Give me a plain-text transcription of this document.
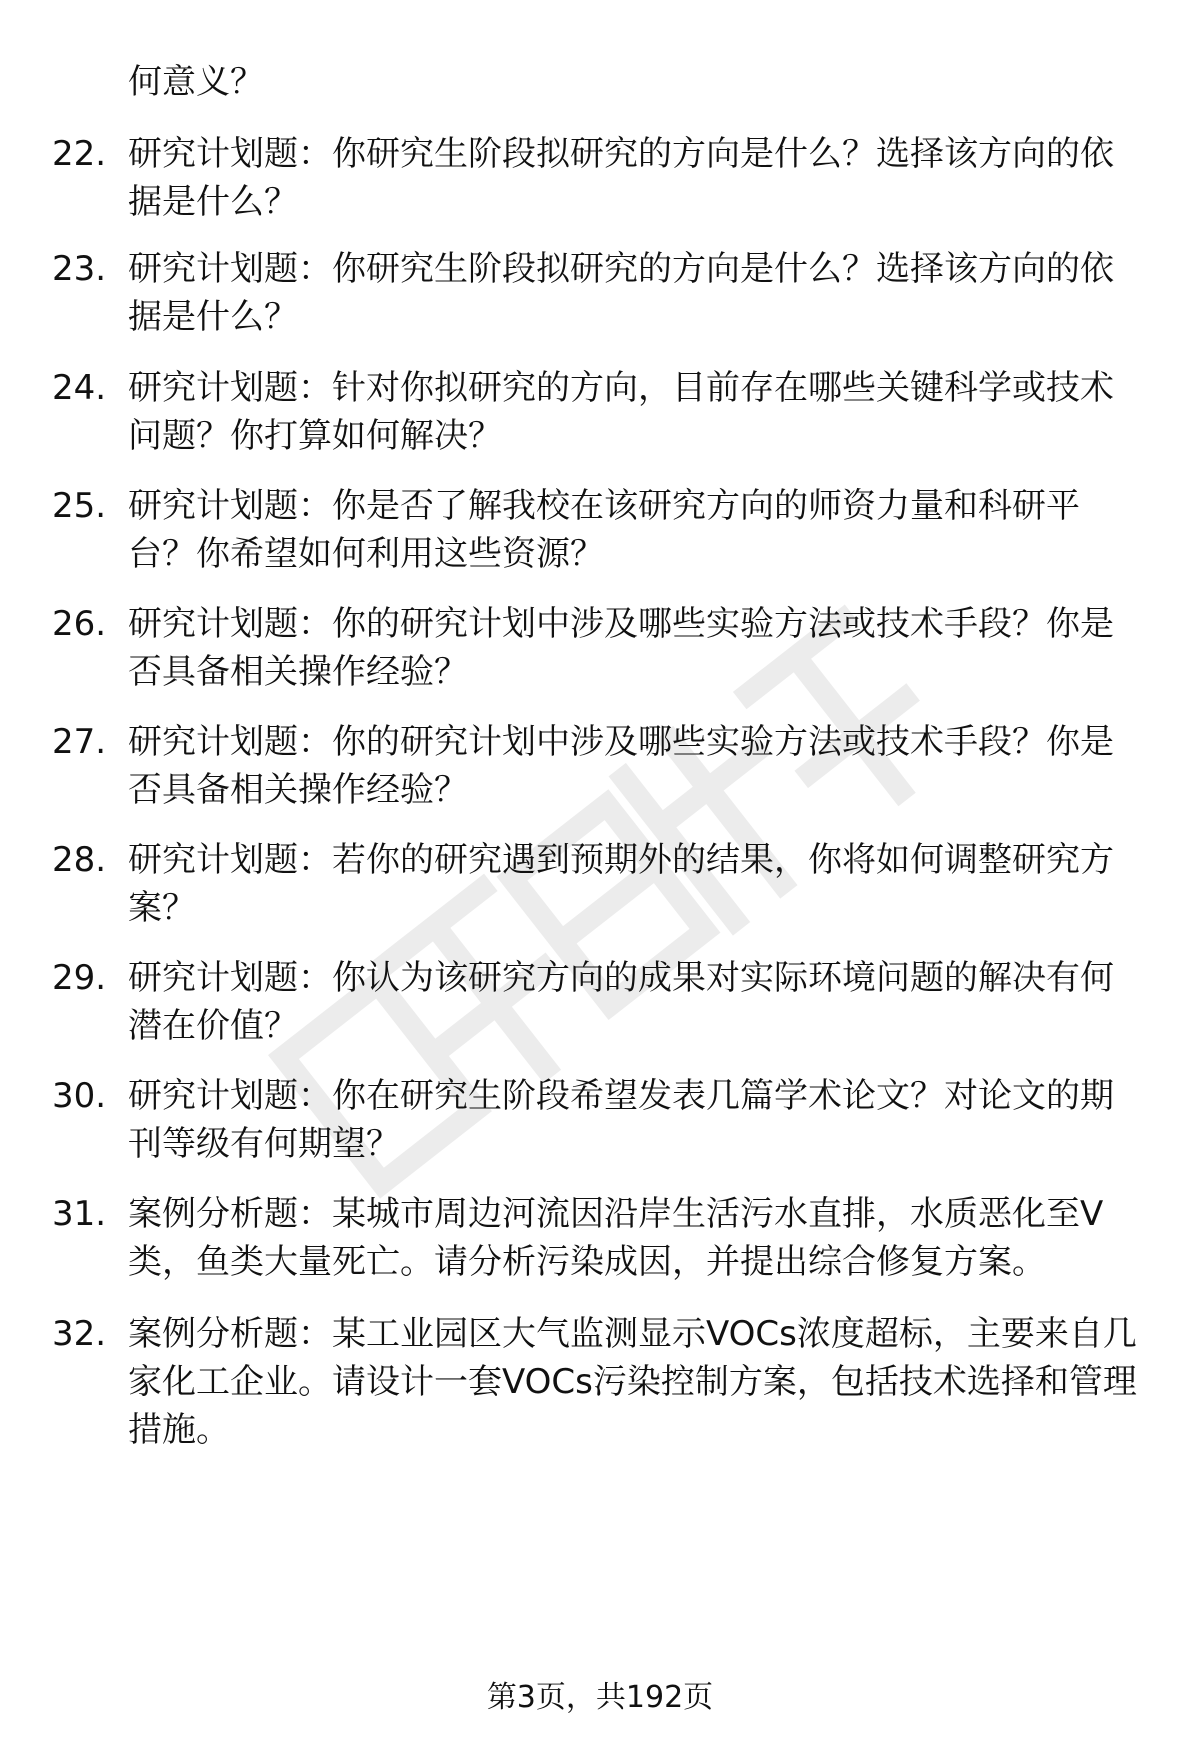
何意义？
22. 研究计划题：你研究生阶段拟研究的方向是什么？选择该方向的依据是什么？
23. 研究计划题：你研究生阶段拟研究的方向是什么？选择该方向的依据是什么？
24. 研究计划题：针对你拟研究的方向，目前存在哪些关键科学或技术问题？你打算如何解决？
25. 研究计划题：你是否了解我校在该研究方向的师资力量和科研平台？你希望如何利用这些资源？
26. 研究计划题：你的研究计划中涉及哪些实验方法或技术手段？你是否具备相关操作经验？
27. 研究计划题：你的研究计划中涉及哪些实验方法或技术手段？你是否具备相关操作经验？
28. 研究计划题：若你的研究遇到预期外的结果，你将如何调整研究方案？
29. 研究计划题：你认为该研究方向的成果对实际环境问题的解决有何潜在价值？
30. 研究计划题：你在研究生阶段希望发表几篇学术论文？对论文的期刊等级有何期望？
31. 案例分析题：某城市周边河流因沿岸生活污水直排，水质恶化至V类，鱼类大量死亡。请分析污染成因，并提出综合修复方案。
32. 案例分析题：某工业园区大气监测显示VOCs浓度超标，主要来自几家化工企业。请设计一套VOCs污染控制方案，包括技术选择和管理措施。
第3页，共192页
